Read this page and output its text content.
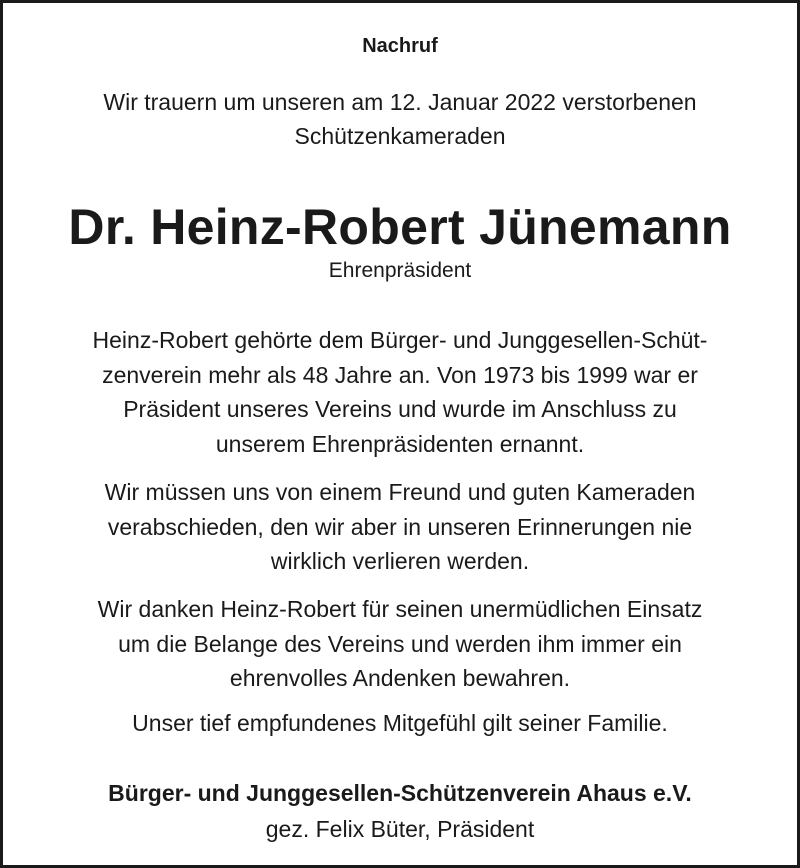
Nachruf
Wir trauern um unseren am 12. Januar 2022 verstorbenen
Schützenkameraden
Dr. Heinz-Robert Jünemann
Ehrenpräsident
Heinz-Robert gehörte dem Bürger- und Junggesellen-Schüt-
zenverein mehr als 48 Jahre an. Von 1973 bis 1999 war er
Präsident unseres Vereins und wurde im Anschluss zu
unserem Ehrenpräsidenten ernannt.
Wir müssen uns von einem Freund und guten Kameraden
verabschieden, den wir aber in unseren Erinnerungen nie
wirklich verlieren werden.
Wir danken Heinz-Robert für seinen unermüdlichen Einsatz
um die Belange des Vereins und werden ihm immer ein
ehrenvolles Andenken bewahren.
Unser tief empfundenes Mitgefühl gilt seiner Familie.
Bürger- und Junggesellen-Schützenverein Ahaus e.V.
gez. Felix Büter, Präsident
